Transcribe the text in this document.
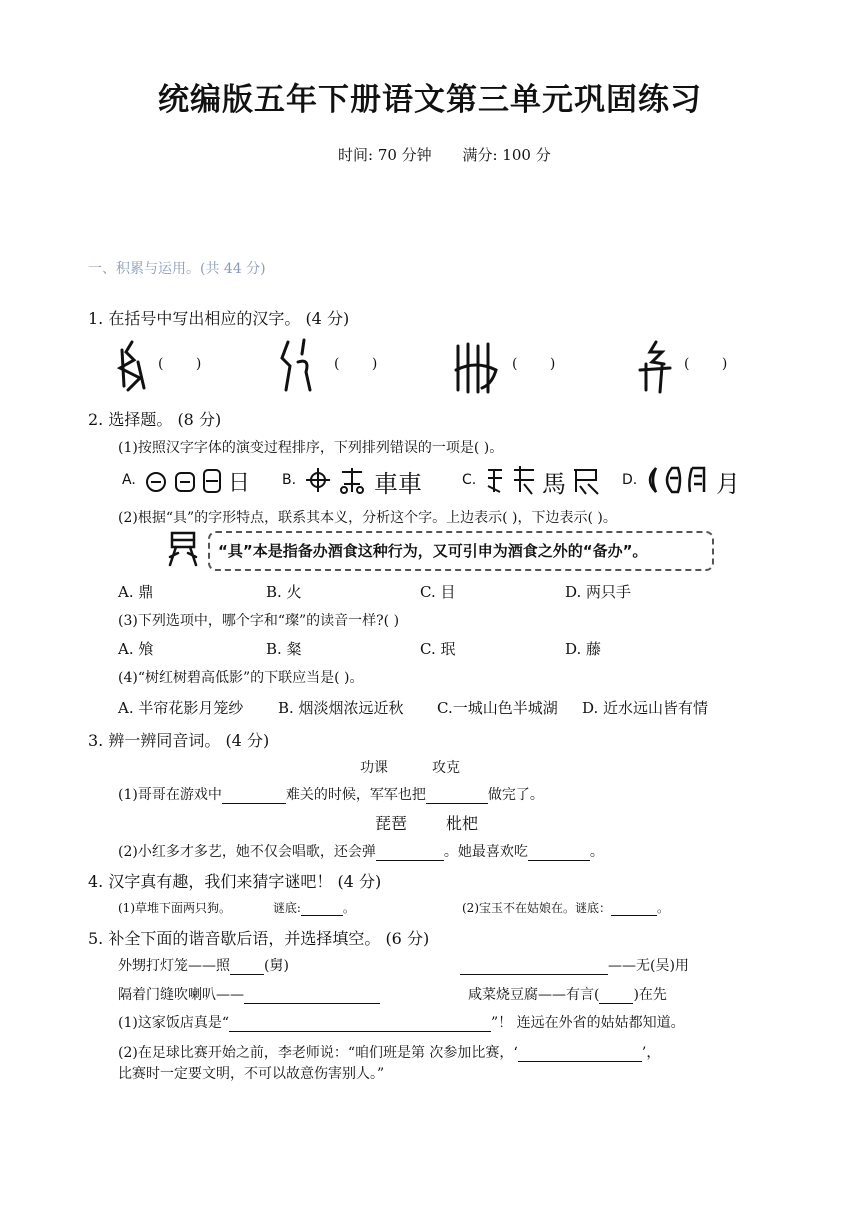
统编版五年下册语文第三单元巩固练习
时间: 70 分钟 满分: 100 分
一、积累与运用。(共 44 分)
1. 在括号中写出相应的汉字。 (4 分)
( )	( )	( )	( )
2. 选择题。 (8 分)
(1)按照汉字字体的演变过程排序，下列排列错误的一项是( )。
A.	日 B.	車車	C.	馬	D.	月
(2)根据“具”的字形特点，联系其本义，分析这个字。上边表示( )，下边表示( )。
“具”本是指备办酒食这种行为，又可引申为酒食之外的“备办”。
A. 鼎	B. 火	C. 目	D. 两只手
(3)下列选项中，哪个字和“璨”的读音一样?( )
A. 飧	B. 粲	C. 珉	D. 藤
(4)“树红树碧高低影”的下联应当是( )。
A. 半帘花影月笼纱 B. 烟淡烟浓远近秋 C.一城山色半城湖 D. 近水远山皆有情
3. 辨一辨同音词。 (4 分)
功课	攻克
(1)哥哥在游戏中	难关的时候，军军也把	做完了。
琵琶 枇杷
(2)小红多才多艺，她不仅会唱歌，还会弹	。她最喜欢吃	。
4. 汉字真有趣，我们来猜字谜吧！ (4 分)
(1)草堆下面两只狗。	谜底:	。	(2)宝玉不在姑娘在。谜底：	。
5. 补全下面的谐音歇后语，并选择填空。 (6 分)
外甥打灯笼——照 (舅)	——无(吴)用
隔着门缝吹喇叭——	咸菜烧豆腐——有言( )在先
(1)这家饭店真是“	”！ 连远在外省的姑姑都知道。
(2)在足球比赛开始之前，李老师说：“咱们班是第 次参加比赛，‘	’，
比赛时一定要文明，不可以故意伤害别人。”
